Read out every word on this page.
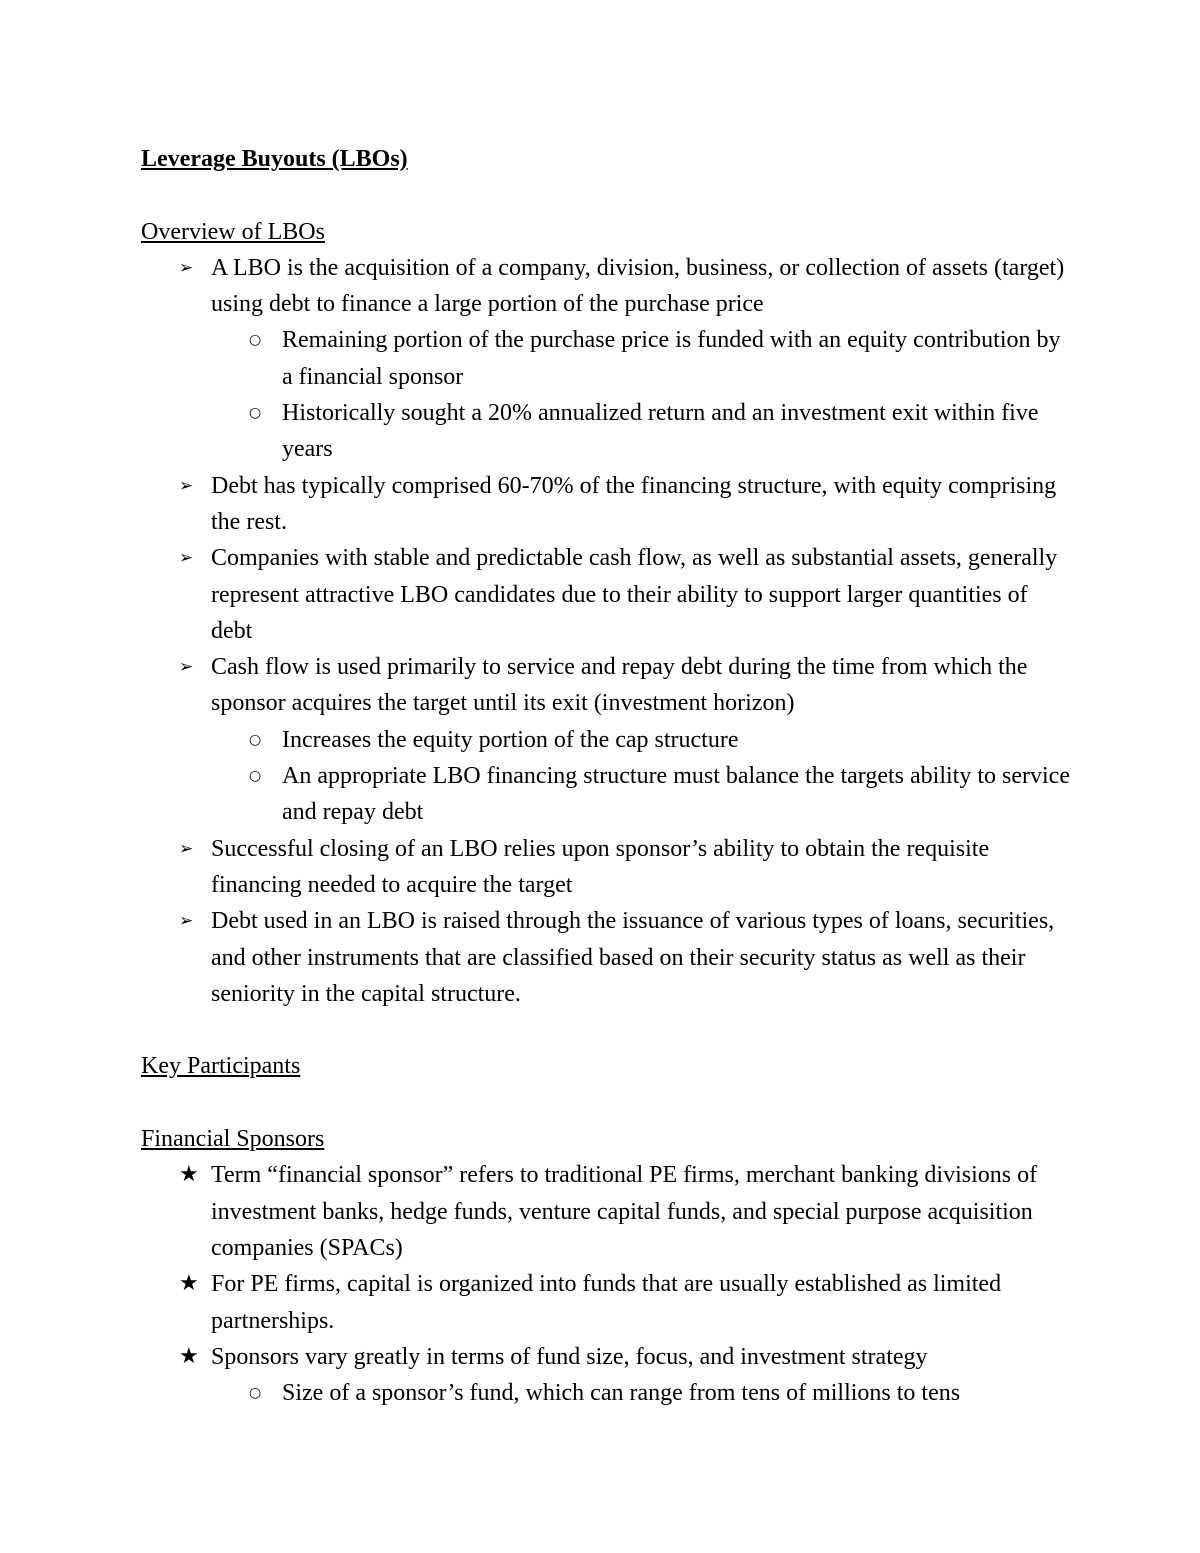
Leverage Buyouts (LBOs)
Overview of LBOs
➢ A LBO is the acquisition of a company, division, business, or collection of assets (target) using debt to finance a large portion of the purchase price
○ Remaining portion of the purchase price is funded with an equity contribution by a financial sponsor
○ Historically sought a 20% annualized return and an investment exit within five years
➢ Debt has typically comprised 60-70% of the financing structure, with equity comprising the rest.
➢ Companies with stable and predictable cash flow, as well as substantial assets, generally represent attractive LBO candidates due to their ability to support larger quantities of debt
➢ Cash flow is used primarily to service and repay debt during the time from which the sponsor acquires the target until its exit (investment horizon)
○ Increases the equity portion of the cap structure
○ An appropriate LBO financing structure must balance the targets ability to service and repay debt
➢ Successful closing of an LBO relies upon sponsor’s ability to obtain the requisite financing needed to acquire the target
➢ Debt used in an LBO is raised through the issuance of various types of loans, securities, and other instruments that are classified based on their security status as well as their seniority in the capital structure.
Key Participants
Financial Sponsors
★ Term “financial sponsor” refers to traditional PE firms, merchant banking divisions of investment banks, hedge funds, venture capital funds, and special purpose acquisition companies (SPACs)
★ For PE firms, capital is organized into funds that are usually established as limited partnerships.
★ Sponsors vary greatly in terms of fund size, focus, and investment strategy
○ Size of a sponsor’s fund, which can range from tens of millions to tens
